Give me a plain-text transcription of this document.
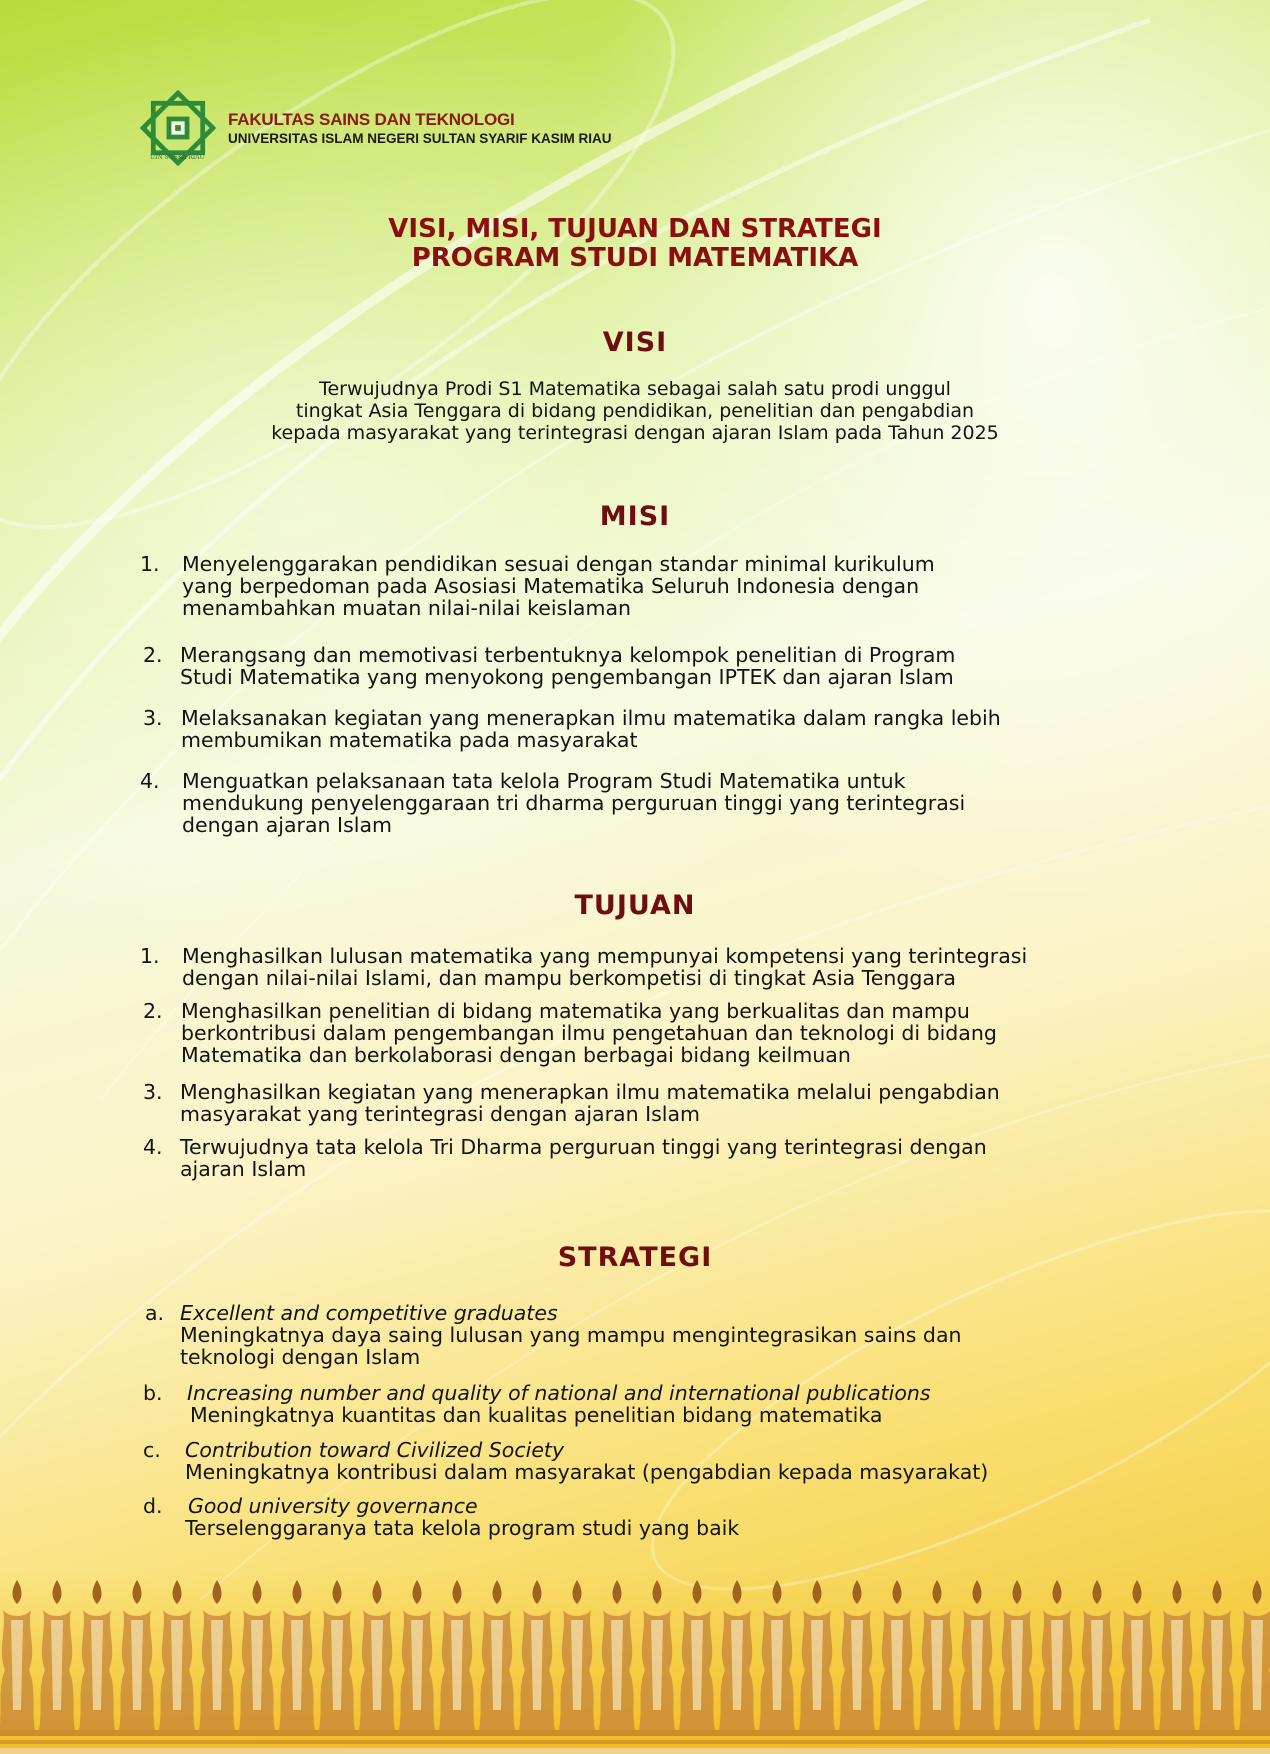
FAKULTAS SAINS DAN TEKNOLOGI
UNIVERSITAS ISLAM NEGERI SULTAN SYARIF KASIM RIAU
UIN SUSKA RIAU
VISI, MISI, TUJUAN DAN STRATEGI
PROGRAM STUDI MATEMATIKA
VISI
Terwujudnya Prodi S1 Matematika sebagai salah satu prodi unggul
tingkat Asia Tenggara di bidang pendidikan, penelitian dan pengabdian
kepada masyarakat yang terintegrasi dengan ajaran Islam pada Tahun 2025
MISI
1. Menyelenggarakan pendidikan sesuai dengan standar minimal kurikulum
yang berpedoman pada Asosiasi Matematika Seluruh Indonesia dengan
menambahkan muatan nilai-nilai keislaman
2. Merangsang dan memotivasi terbentuknya kelompok penelitian di Program
Studi Matematika yang menyokong pengembangan IPTEK dan ajaran Islam
3. Melaksanakan kegiatan yang menerapkan ilmu matematika dalam rangka lebih
membumikan matematika pada masyarakat
4. Menguatkan pelaksanaan tata kelola Program Studi Matematika untuk
mendukung penyelenggaraan tri dharma perguruan tinggi yang terintegrasi
dengan ajaran Islam
TUJUAN
1. Menghasilkan lulusan matematika yang mempunyai kompetensi yang terintegrasi
dengan nilai-nilai Islami, dan mampu berkompetisi di tingkat Asia Tenggara
2. Menghasilkan penelitian di bidang matematika yang berkualitas dan mampu
berkontribusi dalam pengembangan ilmu pengetahuan dan teknologi di bidang
Matematika dan berkolaborasi dengan berbagai bidang keilmuan
3. Menghasilkan kegiatan yang menerapkan ilmu matematika melalui pengabdian
masyarakat yang terintegrasi dengan ajaran Islam
4. Terwujudnya tata kelola Tri Dharma perguruan tinggi yang terintegrasi dengan
ajaran Islam
STRATEGI
a. Excellent and competitive graduates
Meningkatnya daya saing lulusan yang mampu mengintegrasikan sains dan
teknologi dengan Islam
b. Increasing number and quality of national and international publications
Meningkatnya kuantitas dan kualitas penelitian bidang matematika
c. Contribution toward Civilized Society
Meningkatnya kontribusi dalam masyarakat (pengabdian kepada masyarakat)
d. Good university governance
Terselenggaranya tata kelola program studi yang baik
